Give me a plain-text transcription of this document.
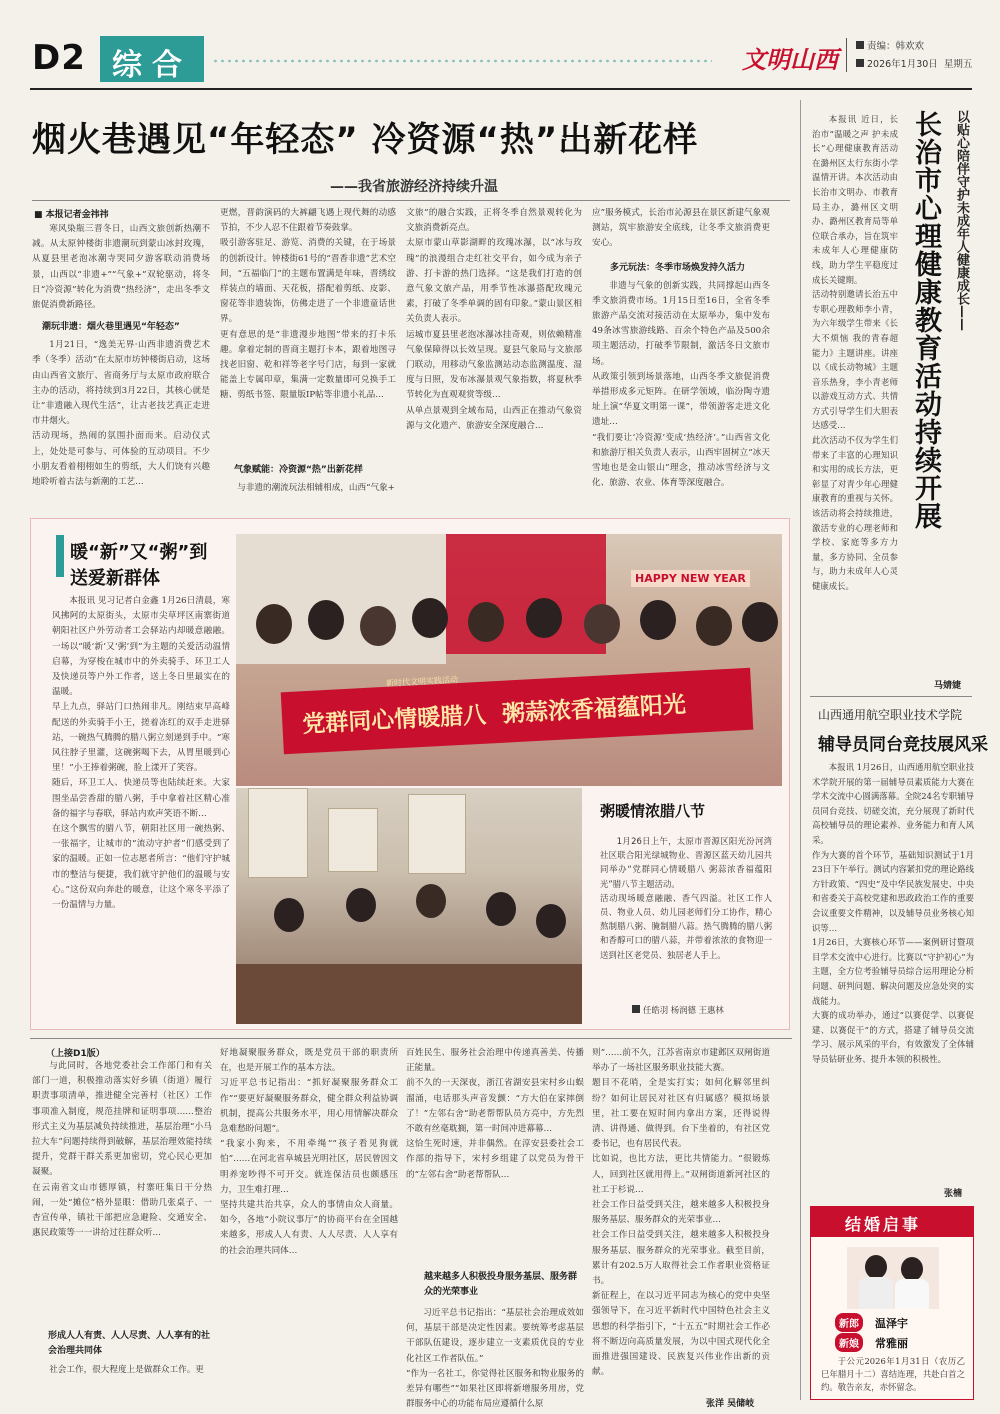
D2 综合	文明山西	责编：韩欢欢
2026年1月30日 星期五
烟火巷遇见“年轻态” 冷资源“热”出新花样
——我省旅游经济持续升温
■ 本报记者金祎祎
寒风染瓶三晋冬日，山西文旅创新热潮不减。从太原钟楼街非遗潮玩到蒙山冰封玫瑰，从夏县里老泡冰潮寺哭同夕游客联动消费场景，山西以“非遗+”“气象+”双轮驱动，将冬日“冷资源”转化为消费“热经济”，走出冬季文旅促消费新路径。
潮玩非遗：烟火巷里遇见“年轻态”
1月21日，“逸美无界·山西非遗消费艺术季（冬季）活动”在太原市坊钟楼街启动，这场由山西省文旅厅、省商务厅与太原市政府联合主办的活动，将持续到3月22日，其核心就是让“非遗融入现代生活”，让古老技艺真正走进市井烟火。
活动现场，热闹的氛围扑面而来。启动仪式上，处处是可参与、可体验的互动项目。不少小朋友看着栩栩如生的剪纸，大人们饶有兴趣地聆听着古法与新潮的工艺…
更燃，晋韵演码的大裤翩飞遇上现代舞的动感节拍，不少人忍不住跟着节奏鼓掌。
吸引游客驻足、游览、消费的关键，在于场景的创新设计。钟楼街61号的“晋香非遗”艺术空间，“五福临门”的主题布置满是年味，晋绣纹样装点的墙面、天花板，搭配着剪纸、皮影、窗花等非遗装饰，仿佛走进了一个非遗童话世界。
更有意思的是“非遗漫步地图”带来的打卡乐趣。拿着定制的晋商主题打卡本，跟着地图寻找老旧窗、乾和祥等老字号门店，每到一家就能盖上专属印章，集满一定数量即可兑换手工糖、剪纸书签、限量版IP帖等非遗小礼品…
气象赋能：冷资源“热”出新花样
与非遗的潮流玩法相辅相成，山西“气象+
文旅”的融合实践，正将冬季自然景观转化为文旅消费新亮点。
太原市蒙山草影湖畔的玫瑰冰瀑，以“冰与玫瑰”的浪漫组合走红社交平台，如今成为亲子游、打卡游的热门选择。“这是我们打造的创意气象文旅产品，用季节性冰瀑搭配玫瑰元素，打破了冬季单调的固有印象。”蒙山景区相关负责人表示。
运城市夏县里老泡冰瀑冰挂奇观，则依赖精准气象保障得以长效呈现。夏县气象局与文旅部门联动，用移动气象监测站动态监测温度、湿度与日照，发布冰瀑景观气象指数，将夏秋季节转化为直观观赏等级…
从单点景观到全域布局，山西正在推动气象资源与文化遗产、旅游安全深度融合…
应”服务模式，长治市沁源县在景区新建气象观测站，筑牢旅游安全底线，让冬季文旅消费更安心。
多元玩法：冬季市场焕发持久活力
非遗与气象的创新实践，共同撑起山西冬季文旅消费市场。1月15日至16日，全省冬季旅游产品交流对接活动在太原举办，集中发布49条冰雪旅游线路、百余个特色产品及500余项主题活动，打破季节限制，激活冬日文旅市场。
从政策引领到场景落地，山西冬季文旅促消费举措形成多元矩阵。在研学领域，临汾陶寺遗址上演“华夏文明第一课”，带领游客走进文化遗址…
“我们要让‘冷资源’变成‘热经济’。”山西省文化和旅游厅相关负责人表示，山西牢固树立“冰天雪地也是金山银山”理念，推动冰雪经济与文化、旅游、农业、体育等深度融合。
暖“新”又“粥”到
送爱新群体
本报讯 见习记者白金鑫 1月26日清晨，寒风拂阿的太原街头，太原市尖草坪区南寨街道朝阳社区户外劳动者工会驿站内却暖意融融。一场以“暖‘新’又‘粥’到”为主题的关爱活动温情启幕，为穿梭在城市中的外卖骑手、环卫工人及快递员等户外工作者，送上冬日里最实在的温暖。
早上九点，驿站门口热闹非凡。刚结束早高峰配送的外卖骑手小王，搓着冻红的双手走进驿站，一碗热气腾腾的腊八粥立刻递到手中。“寒风往脖子里灌，这碗粥喝下去，从胃里暖到心里！”小王捧着粥碗，脸上漾开了笑容。
随后，环卫工人、快递员等也陆续赶来。大家围坐品尝香甜的腊八粥，手中拿着社区精心准备的福字与春联，驿站内欢声笑语不断…
在这个飘雪的腊八节，朝阳社区用一碗热粥、一张福字，让城市的“流动守护者”们感受到了家的温暖。正如一位志愿者所言：“他们守护城市的整洁与便捷，我们就守护他们的温暖与安心。”这份双向奔赴的暖意，让这个寒冬平添了一份温情与力量。
HAPPY NEW YEAR
党群同心情暖腊八  粥蒜浓香福蕴阳光
新时代文明实践活动
粥暖情浓腊八节
1月26日上午，太原市晋源区阳光汾河湾社区联合阳光绿城物业、晋源区蓝天幼儿园共同举办“党群同心情暖腊八 粥蒜浓香福蕴阳光”腊八节主题活动。
活动现场暖意融融、香气四溢。社区工作人员、物业人员、幼儿园老师们分工协作，精心熬制腊八粥、腌制腊八蒜。热气腾腾的腊八粥和香醇可口的腊八蒜，并带着浓浓的食物迎一送到社区老党员、独居老人手上。
任皓羽 杨润德 王惠林
本报讯 近日，长治市“温暖之声 护未成长”心理健康教育活动在潞州区太行东街小学温情开讲。本次活动由长治市文明办、市教育局主办，潞州区文明办、潞州区教育局等单位联合承办，旨在筑牢未成年人心理健康防线，助力学生平稳度过成长关键期。
活动特别邀请长治五中专职心理教师李小青，为六年级学生带来《长大不烦恼 我的青春超能力》主题讲座。讲座以《成长动物城》主题音乐热身，李小青老师以游戏互动方式、共情方式引导学生们大胆表达感受…
此次活动不仅为学生们带来了丰富的心理知识和实用的成长方法，更彰显了对青少年心理健康教育的重视与关怀。该活动将会持续推进，激活专业的心理老师和学校、家庭等多方力量，多方协同、全员参与，助力未成年人心灵健康成长。
以贴心陪伴守护未成年人健康成长——
长治市心理健康教育活动持续开展
马婧婕
山西通用航空职业技术学院
辅导员同台竞技展风采
本报讯 1月26日，山西通用航空职业技术学院开展的第一届辅导员素质能力大赛在学术交流中心圆满落幕。全院24名专职辅导员同台竞技、切磋交流，充分展现了新时代高校辅导员的理论素养、业务能力和育人风采。
作为大赛的首个环节，基础知识测试于1月23日下午举行。测试内容紧扣党的理论路线方针政策、“四史”及中华民族发展史、中央和省委关于高校党建和思政政治工作的重要会议重要文件精神，以及辅导员业务核心知识等…
1月26日，大赛核心环节——案例研讨暨项目学术交流中心进行。比赛以“守护初心”为主题，全方位考验辅导员综合运用理论分析问题、研判问题、解决问题及应急处突的实战能力。
大赛的成功举办，通过“以赛促学、以赛促建、以赛促干”的方式，搭建了辅导员交流学习、展示风采的平台，有效激发了全体辅导员钻研业务、提升本领的积极性。
张楠
结婚启事
新郎
新娘
温泽宇
常雅丽
于公元2026年1月31日（农历乙巳年腊月十二）喜结连理，共赴白首之约。敬告亲友，赤怀留念。
（上接D1版）
与此同时，各地党委社会工作部门和有关部门一道，积极推动落实好乡镇（街道）履行职责事项清单，推进健全完善村（社区）工作事项准入制度，规范挂牌和证明事项……整治形式主义为基层减负持续推进，基层治理“小马拉大车”问题持续得到破解，基层治理效能持续提升，党群干群关系更加密切，党心民心更加凝聚。
在云南省文山市德厚镇，村寨旺集日干分热闹，一处“摊位”格外显眼：借助几张桌子、一杏宣传单，镇社干部把应急避险、交通安全、惠民政策等一一讲给过往群众听…
形成人人有责、人人尽责、人人享有的社会治理共同体
社会工作，很大程度上是做群众工作。更
好地凝聚服务群众，既是党员干部的职责所在，也是开展工作的基本方法。
习近平总书记指出：“抓好凝聚服务群众工作”“要更好凝聚服务群众，健全群众利益协调机制，提高公共服务水平，用心用情解决群众急难愁盼问题”。
“我家小狗来，不用牵绳”“孩子看见狗就怕”……在河北省阜城县光明社区，居民曾因文明养宠吵得不可开交。就连保洁员也颇感压力，卫生难打理…
坚持共建共治共享，众人的事情由众人商量。如今，各地“小院议事厅”的协商平台在全国越来越多，形成人人有责、人人尽责、人人享有的社会治理共同体…
百姓民生、服务社会治理中传递真善美、传播正能量。
前不久的一天深夜，浙江省湖安县宋村乡山蜈溜涌，电话那头声音发颤：“方大伯在家摔倒了！”左邻右舍“助老帮帮队员方亮中，方先烈不敢有丝毫耽搁，第一时间冲进幕幕…
这恰生死时速，并非偶然。在淳安县委社会工作部的指导下，宋村乡组建了以党员为骨干的“左邻右舍”助老帮帮队…
越来越多人积极投身服务基层、服务群众的光荣事业
习近平总书记指出：“基层社会治理成效如何，基层干部是决定性因素。要统筹考虑基层干部队伍建设，逐步建立一支素质优良的专业化社区工作者队伍。”
“作为一名社工，你觉得社区服务和物业服务的差异有哪些”“如果社区即将新增服务用房，党群服务中心的功能布局应遵循什么原
则”……前不久，江苏省南京市建邺区双闸街道举办了一场社区服务职业技能大赛。
题目不花哨，全是实打实；如何化解邻里纠纷？如何让居民对社区有归属感？模拟场景里，社工要在短时间内拿出方案，还得说得清、讲得通、做得到。台下坐着的，有社区党委书记，也有居民代表。
比如说，也比方法，更比共情能力。“很锻炼人，回到社区就用得上。”双闸街道新河社区的社工于杉说…
社会工作日益受到关注，越来越多人积极投身服务基层、服务群众的光荣事业…
社会工作日益受到关注，越来越多人积极投身服务基层、服务群众的光荣事业。截至目前，累计有202.5万人取得社会工作者职业资格证书。
新征程上，在以习近平同志为核心的党中央坚强领导下，在习近平新时代中国特色社会主义思想的科学指引下，“十五五”时期社会工作必将不断迈向高质量发展，为以中国式现代化全面推进强国建设、民族复兴伟业作出新的贡献。
张洋 吴储岐
